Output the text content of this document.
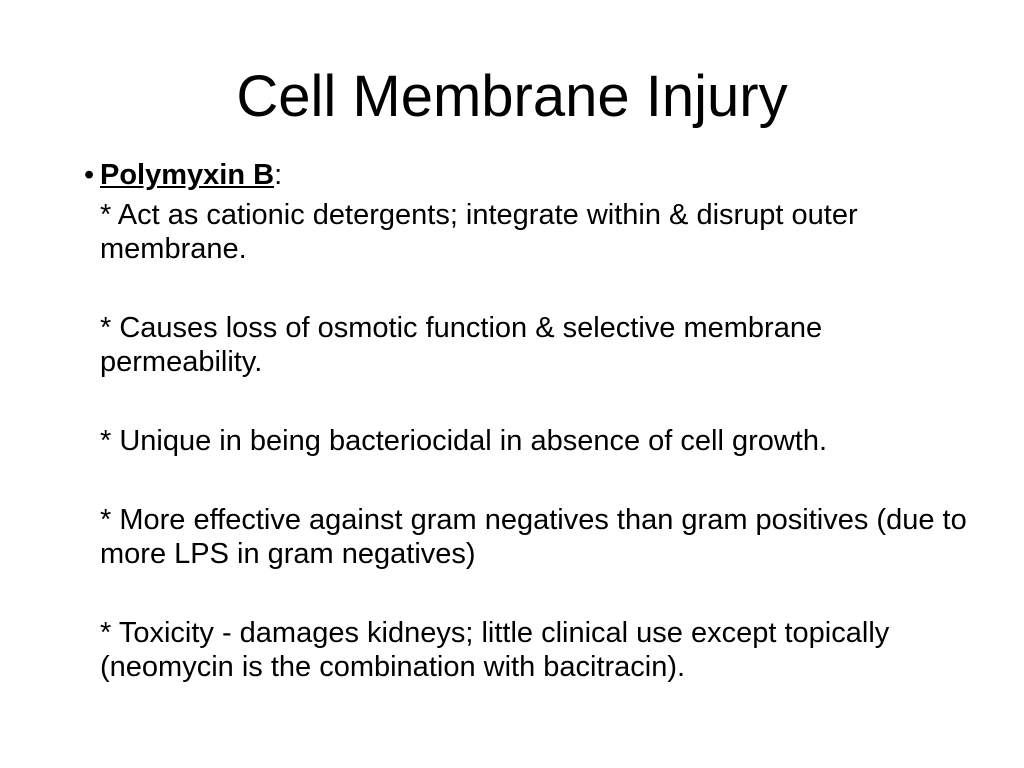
Cell Membrane Injury
• Polymyxin B:

* Act as cationic detergents; integrate within & disrupt outer membrane.

* Causes loss of osmotic function & selective membrane permeability.

* Unique in being bacteriocidal in absence of cell growth.

* More effective against gram negatives than gram positives (due to more LPS in gram negatives)

* Toxicity - damages kidneys; little clinical use except topically (neomycin is the combination with bacitracin).
